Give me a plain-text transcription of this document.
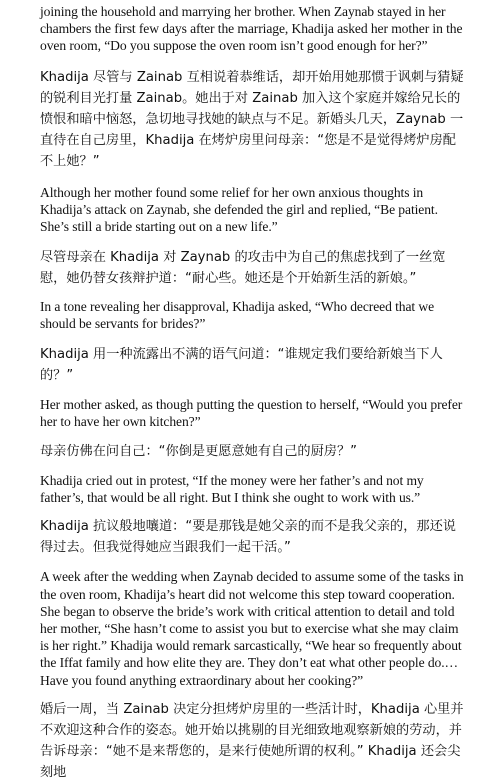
joining the household and marrying her brother. When Zaynab stayed in her chambers the first few days after the marriage, Khadija asked her mother in the oven room, “Do you suppose the oven room isn’t good enough for her?”

Khadija 尽管与 Zainab 互相说着恭维话，却开始用她那惯于讽刺与猜疑的锐利目光打量 Zainab。她出于对 Zainab 加入这个家庭并嫁给兄长的愤恨和暗中恼怒，急切地寻找她的缺点与不足。新婚头几天，Zaynab 一直待在自己房里，Khadija 在烤炉房里问母亲：“您是不是觉得烤炉房配不上她？”

Although her mother found some relief for her own anxious thoughts in Khadija’s attack on Zaynab, she defended the girl and replied, “Be patient. She’s still a bride starting out on a new life.”

尽管母亲在 Khadija 对 Zaynab 的攻击中为自己的焦虑找到了一丝宽慰，她仍替女孩辩护道：“耐心些。她还是个开始新生活的新娘。”

In a tone revealing her disapproval, Khadija asked, “Who decreed that we should be servants for brides?”

Khadija 用一种流露出不满的语气问道：“谁规定我们要给新娘当下人的？”

Her mother asked, as though putting the question to herself, “Would you prefer her to have her own kitchen?”

母亲仿佛在问自己：“你倒是更愿意她有自己的厨房？”

Khadija cried out in protest, “If the money were her father’s and not my father’s, that would be all right. But I think she ought to work with us.”

Khadija 抗议般地嚷道：“要是那钱是她父亲的而不是我父亲的，那还说得过去。但我觉得她应当跟我们一起干活。”

A week after the wedding when Zaynab decided to assume some of the tasks in the oven room, Khadija’s heart did not welcome this step toward cooperation. She began to observe the bride’s work with critical attention to detail and told her mother, “She hasn’t come to assist you but to exercise what she may claim is her right.” Khadija would remark sarcastically, “We hear so frequently about the Iffat family and how elite they are. They don’t eat what other people do.…Have you found anything extraordinary about her cooking?”

婚后一周，当 Zainab 决定分担烤炉房里的一些活计时，Khadija 心里并不欢迎这种合作的姿态。她开始以挑剔的目光细致地观察新娘的劳动，并告诉母亲：“她不是来帮您的，是来行使她所谓的权利。” Khadija 还会尖刻地
